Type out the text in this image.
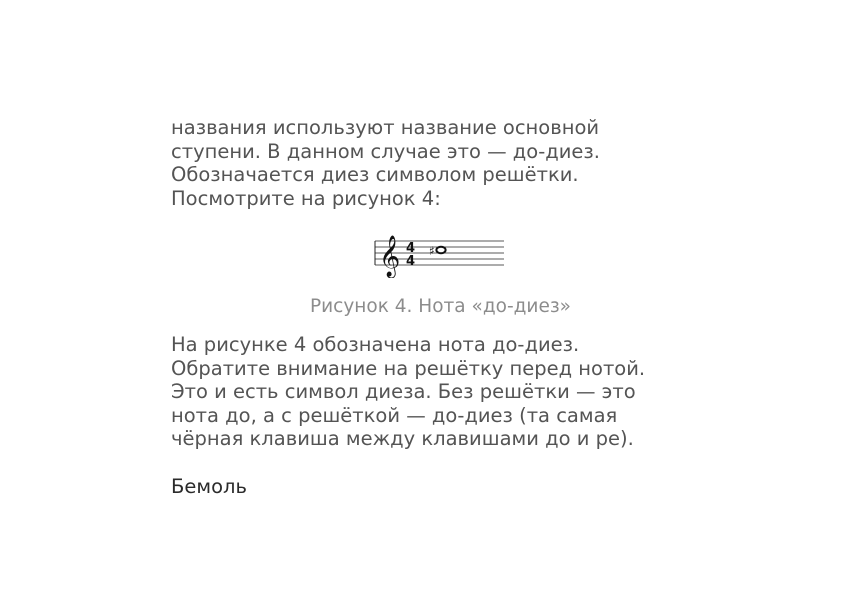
названия используют название основной
ступени. В данном случае это — до-диез.
Обозначается диез символом решётки.
Посмотрите на рисунок 4:

𝄞 4
4
♯

Рисунок 4. Нота «до-диез»

На рисунке 4 обозначена нота до-диез.
Обратите внимание на решётку перед нотой.
Это и есть символ диеза. Без решётки — это
нота до, а с решёткой — до-диез (та самая
чёрная клавиша между клавишами до и ре).

Бемоль
